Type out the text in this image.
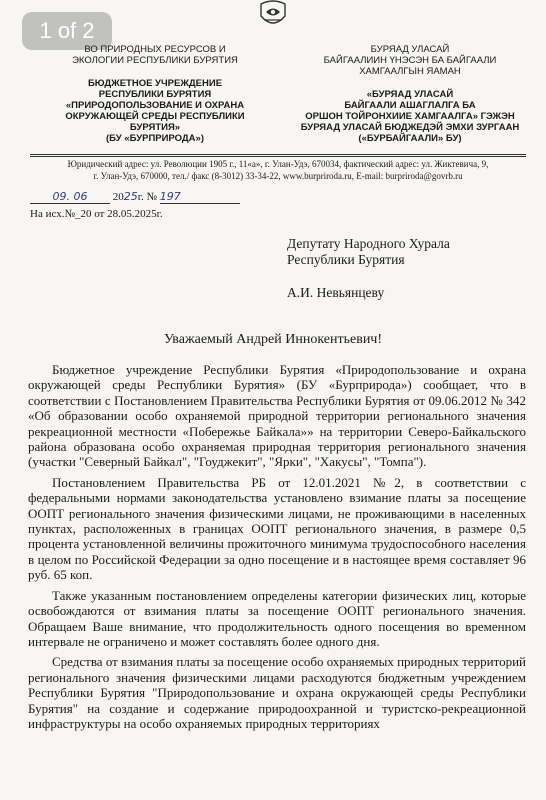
1 of 2
ВО ПРИРОДНЫХ РЕСУРСОВ И
ЭКОЛОГИИ РЕСПУБЛИКИ БУРЯТИЯ
БЮДЖЕТНОЕ УЧРЕЖДЕНИЕ
РЕСПУБЛИКИ БУРЯТИЯ
«ПРИРОДОПОЛЬЗОВАНИЕ И ОХРАНА
ОКРУЖАЮЩЕЙ СРЕДЫ РЕСПУБЛИКИ
БУРЯТИЯ»
(БУ «БУРПРИРОДА»)
БУРЯАД УЛАСАЙ
БАЙГААЛИИН ҮНЭСЭН БА БАЙГААЛИ
ХАМГААЛГЫН ЯАМАН
«БУРЯАД УЛАСАЙ
БАЙГААЛИ АШАГЛАЛГА БА
ОРШОН ТОЙРОНХИИЕ ХАМГААЛГА» ГЭЖЭН
БУРЯАД УЛАСАЙ БЮДЖЕДЭЙ ЭМХИ ЗУРГААН
(«БУРБАЙГААЛИ» БУ)
Юридический адрес: ул. Революции 1905 г., 11«а», г. Улан-Удэ, 670034, фактический адрес: ул. Жиктевича, 9,
г. Улан-Удэ, 670000, тел./ факс (8-3012) 33-34-22, www.burpriroda.ru, E-mail: burpriroda@govrb.ru
09. 06 2025г. № 197
На исх.№_20 от 28.05.2025г.
Депутату Народного Хурала
Республики Бурятия
А.И. Невьянцеву
Уважаемый Андрей Иннокентьевич!

Бюджетное учреждение Республики Бурятия «Природопользование и охрана окружающей среды Республики Бурятия» (БУ «Бурприрода») сообщает, что в соответствии с Постановлением Правительства Республики Бурятия от 09.06.2012 № 342 «Об образовании особо охраняемой природной территории регионального значения рекреационной местности «Побережье Байкала»» на территории Северо-Байкальского района образована особо охраняемая природная территория регионального значения (участки "Северный Байкал", "Гоуджекит", "Ярки", "Хакусы", "Томпа").

Постановлением Правительства РБ от 12.01.2021 №2, в соответствии с федеральными нормами законодательства установлено взимание платы за посещение ООПТ регионального значения физическими лицами, не проживающими в населенных пунктах, расположенных в границах ООПТ регионального значения, в размере 0,5 процента установленной величины прожиточного минимума трудоспособного населения в целом по Российской Федерации за одно посещение и в настоящее время составляет 96 руб. 65 коп.

Также указанным постановлением определены категории физических лиц, которые освобождаются от взимания платы за посещение ООПТ регионального значения. Обращаем Ваше внимание, что продолжительность одного посещения во временном интервале не ограничено и может составлять более одного дня.

Средства от взимания платы за посещение особо охраняемых природных территорий регионального значения физическими лицами расходуются бюджетным учреждением Республики Бурятия "Природопользование и охрана окружающей среды Республики Бурятия" на создание и содержание природоохранной и туристско-рекреационной инфраструктуры на особо охраняемых природных территориях
